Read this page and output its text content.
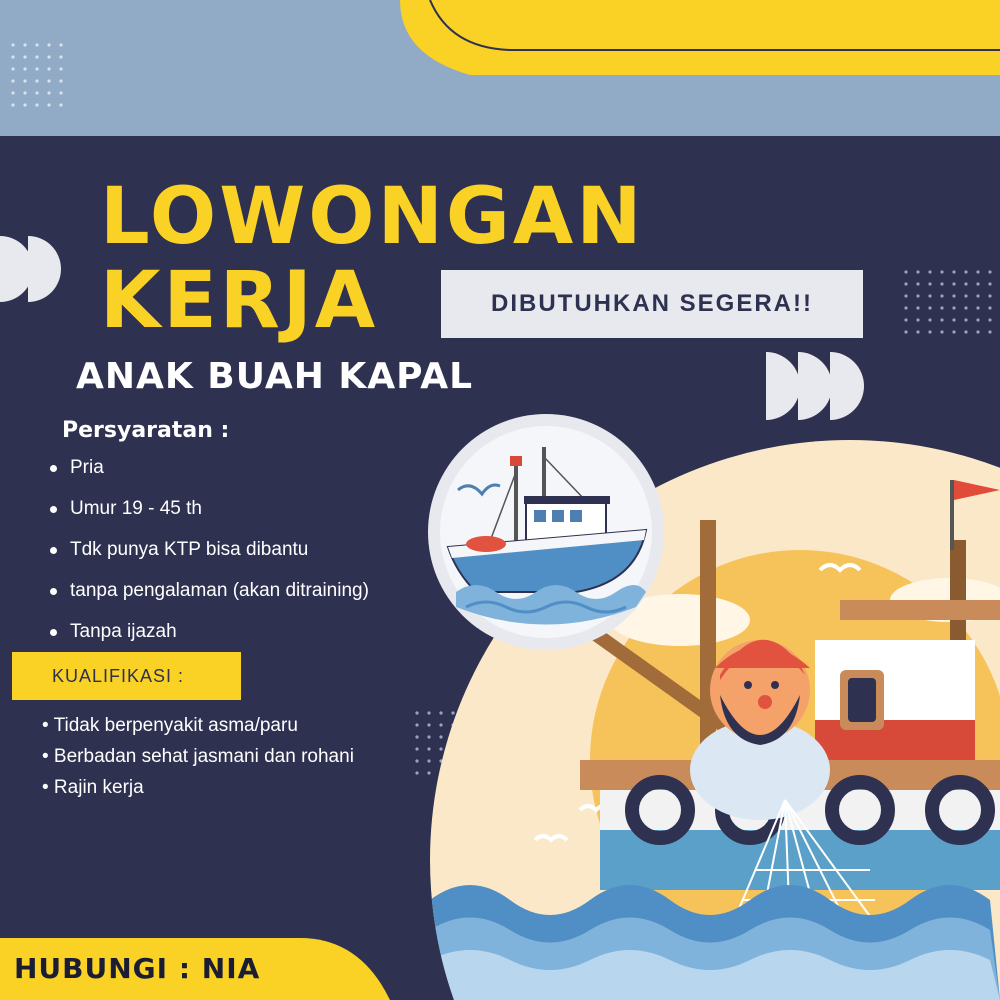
LOWONGAN
KERJA	DIBUTUHKAN SEGERA!!
ANAK BUAH KAPAL
Persyaratan :
Pria
Umur 19 - 45 th
Tdk punya KTP bisa dibantu
tanpa pengalaman (akan ditraining)
Tanpa ijazah
KUALIFIKASI :
• Tidak berpenyakit asma/paru
• Berbadan sehat jasmani dan rohani
• Rajin kerja
HUBUNGI : NIA
